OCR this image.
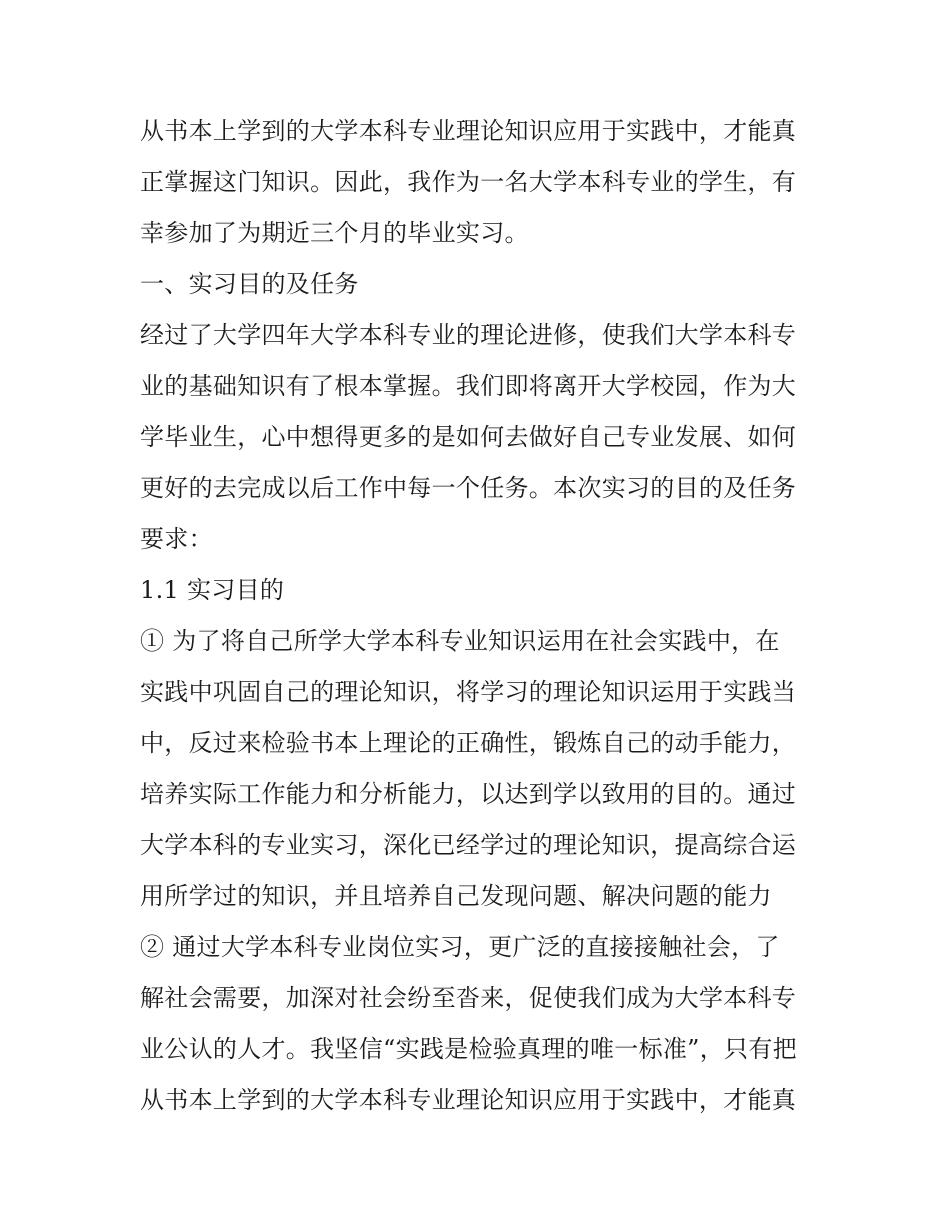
从书本上学到的大学本科专业理论知识应用于实践中，才能真
正掌握这门知识。因此，我作为一名大学本科专业的学生，有
幸参加了为期近三个月的毕业实习。
一、实习目的及任务
经过了大学四年大学本科专业的理论进修，使我们大学本科专
业的基础知识有了根本掌握。我们即将离开大学校园，作为大
学毕业生，心中想得更多的是如何去做好自己专业发展、如何
更好的去完成以后工作中每一个任务。本次实习的目的及任务
要求：
1.1 实习目的
① 为了将自己所学大学本科专业知识运用在社会实践中，在
实践中巩固自己的理论知识，将学习的理论知识运用于实践当
中，反过来检验书本上理论的正确性，锻炼自己的动手能力，
培养实际工作能力和分析能力，以达到学以致用的目的。通过
大学本科的专业实习，深化已经学过的理论知识，提高综合运
用所学过的知识，并且培养自己发现问题、解决问题的能力
② 通过大学本科专业岗位实习，更广泛的直接接触社会，了
解社会需要，加深对社会纷至沓来，促使我们成为大学本科专
业公认的人才。我坚信“实践是检验真理的唯一标准”，只有把
从书本上学到的大学本科专业理论知识应用于实践中，才能真
